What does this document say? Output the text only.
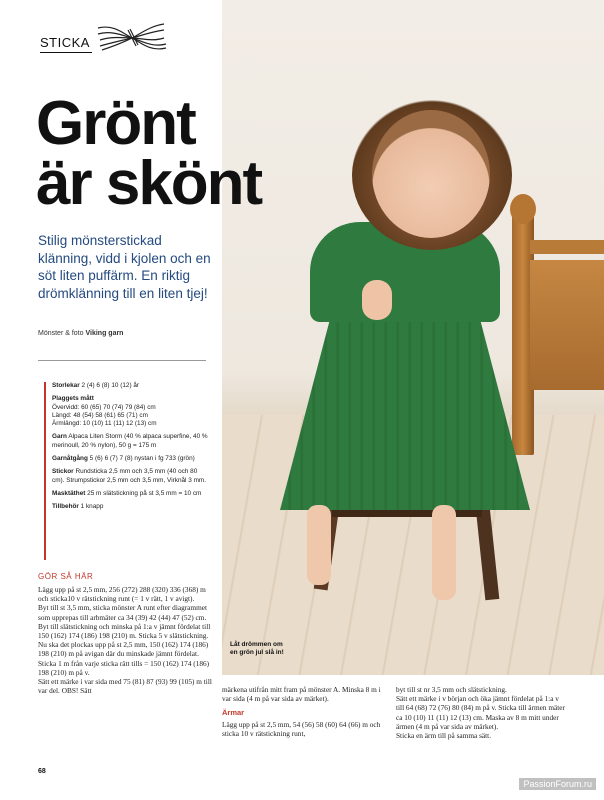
Låt drömmen om en grön jul slå in!
STICKA
Grönt
är skönt
Stilig mönsterstickad klänning, vidd i kjolen och en söt liten puffärm. En riktig drömklänning till en liten tjej!
Mönster & foto Viking garn

Storlekar 2 (4) 6 (8) 10 (12) år

Plaggets mått
Övervidd: 60 (65) 70 (74) 79 (84) cm
Längd: 48 (54) 58 (61) 65 (71) cm
Ärmlängd: 10 (10) 11 (11) 12 (13) cm

Garn Alpaca Liten Storm (40 % alpaca superfine, 40 % merinoull, 20 % nylon), 50 g = 175 m

Garnåtgång 5 (6) 6 (7) 7 (8) nystan i fg 733 (grön)

Stickor Rundsticka 2,5 mm och 3,5 mm (40 och 80 cm). Strumpstickor 2,5 mm och 3,5 mm, Virknål 3 mm.

Masktäthet 25 m slätstickning på st 3,5 mm = 10 cm

Tillbehör 1 knapp

GÖR SÅ HÄR

Lägg upp på st 2,5 mm, 256 (272) 288 (320) 336 (368) m och sticka10 v rätstickning runt (= 1 v rätt, 1 v avigt).

Byt till st 3,5 mm, sticka mönster A runt efter diagrammet som upprepas till arbmäter ca 34 (39) 42 (44) 47 (52) cm.

Byt till slätstickning och minska på 1:a v jämnt fördelat till 150 (162) 174 (186) 198 (210) m. Sticka 5 v slätstickning.

Nu ska det plockas upp på st 2,5 mm, 150 (162) 174 (186) 198 (210) m på avigan där du minskade jämnt fördelat. Sticka 1 m från varje sticka rätt tills = 150 (162) 174 (186) 198 (210) m på v.

Sätt ett märke i var sida med 75 (81) 87 (93) 99 (105) m till var del. OBS! Sätt	märkena utifrån mitt fram på mönster A. Minska 8 m i var sida (4 m på var sida av märket).

Ärmar

Lägg upp på st 2,5 mm, 54 (56) 58 (60) 64 (66) m och sticka 10 v rätstickning runt,

byt till st nr 3,5 mm och slätstickning.

Sätt ett märke i v början och öka jämnt fördelat på 1:a v till 64 (68) 72 (76) 80 (84) m på v. Sticka till ärmen mäter ca 10 (10) 11 (11) 12 (13) cm. Maska av 8 m mitt under ärmen (4 m på var sida av märket).

Sticka en ärm till på samma sätt.

68
PassionForum.ru
